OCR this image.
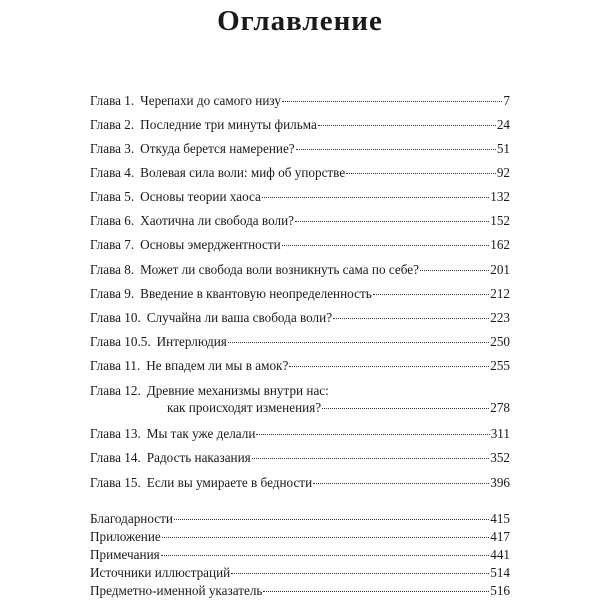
Оглавление
Глава 1. Черепахи до самого низу	7
Глава 2. Последние три минуты фильма	24
Глава 3. Откуда берется намерение?	51
Глава 4. Волевая сила воли: миф об упорстве	92
Глава 5. Основы теории хаоса	132
Глава 6. Хаотична ли свобода воли?	152
Глава 7. Основы эмерджентности	162
Глава 8. Может ли свобода воли возникнуть сама по себе?	201
Глава 9. Введение в квантовую неопределенность	212
Глава 10. Случайна ли ваша свобода воли?	223
Глава 10.5. Интерлюдия	250
Глава 11. Не впадем ли мы в амок?	255
Глава 12. Древние механизмы внутри нас:
как происходят изменения?	278
Глава 13. Мы так уже делали	311
Глава 14. Радость наказания	352
Глава 15. Если вы умираете в бедности	396
Благодарности	415
Приложение	417
Примечания	441
Источники иллюстраций	514
Предметно-именной указатель	516
